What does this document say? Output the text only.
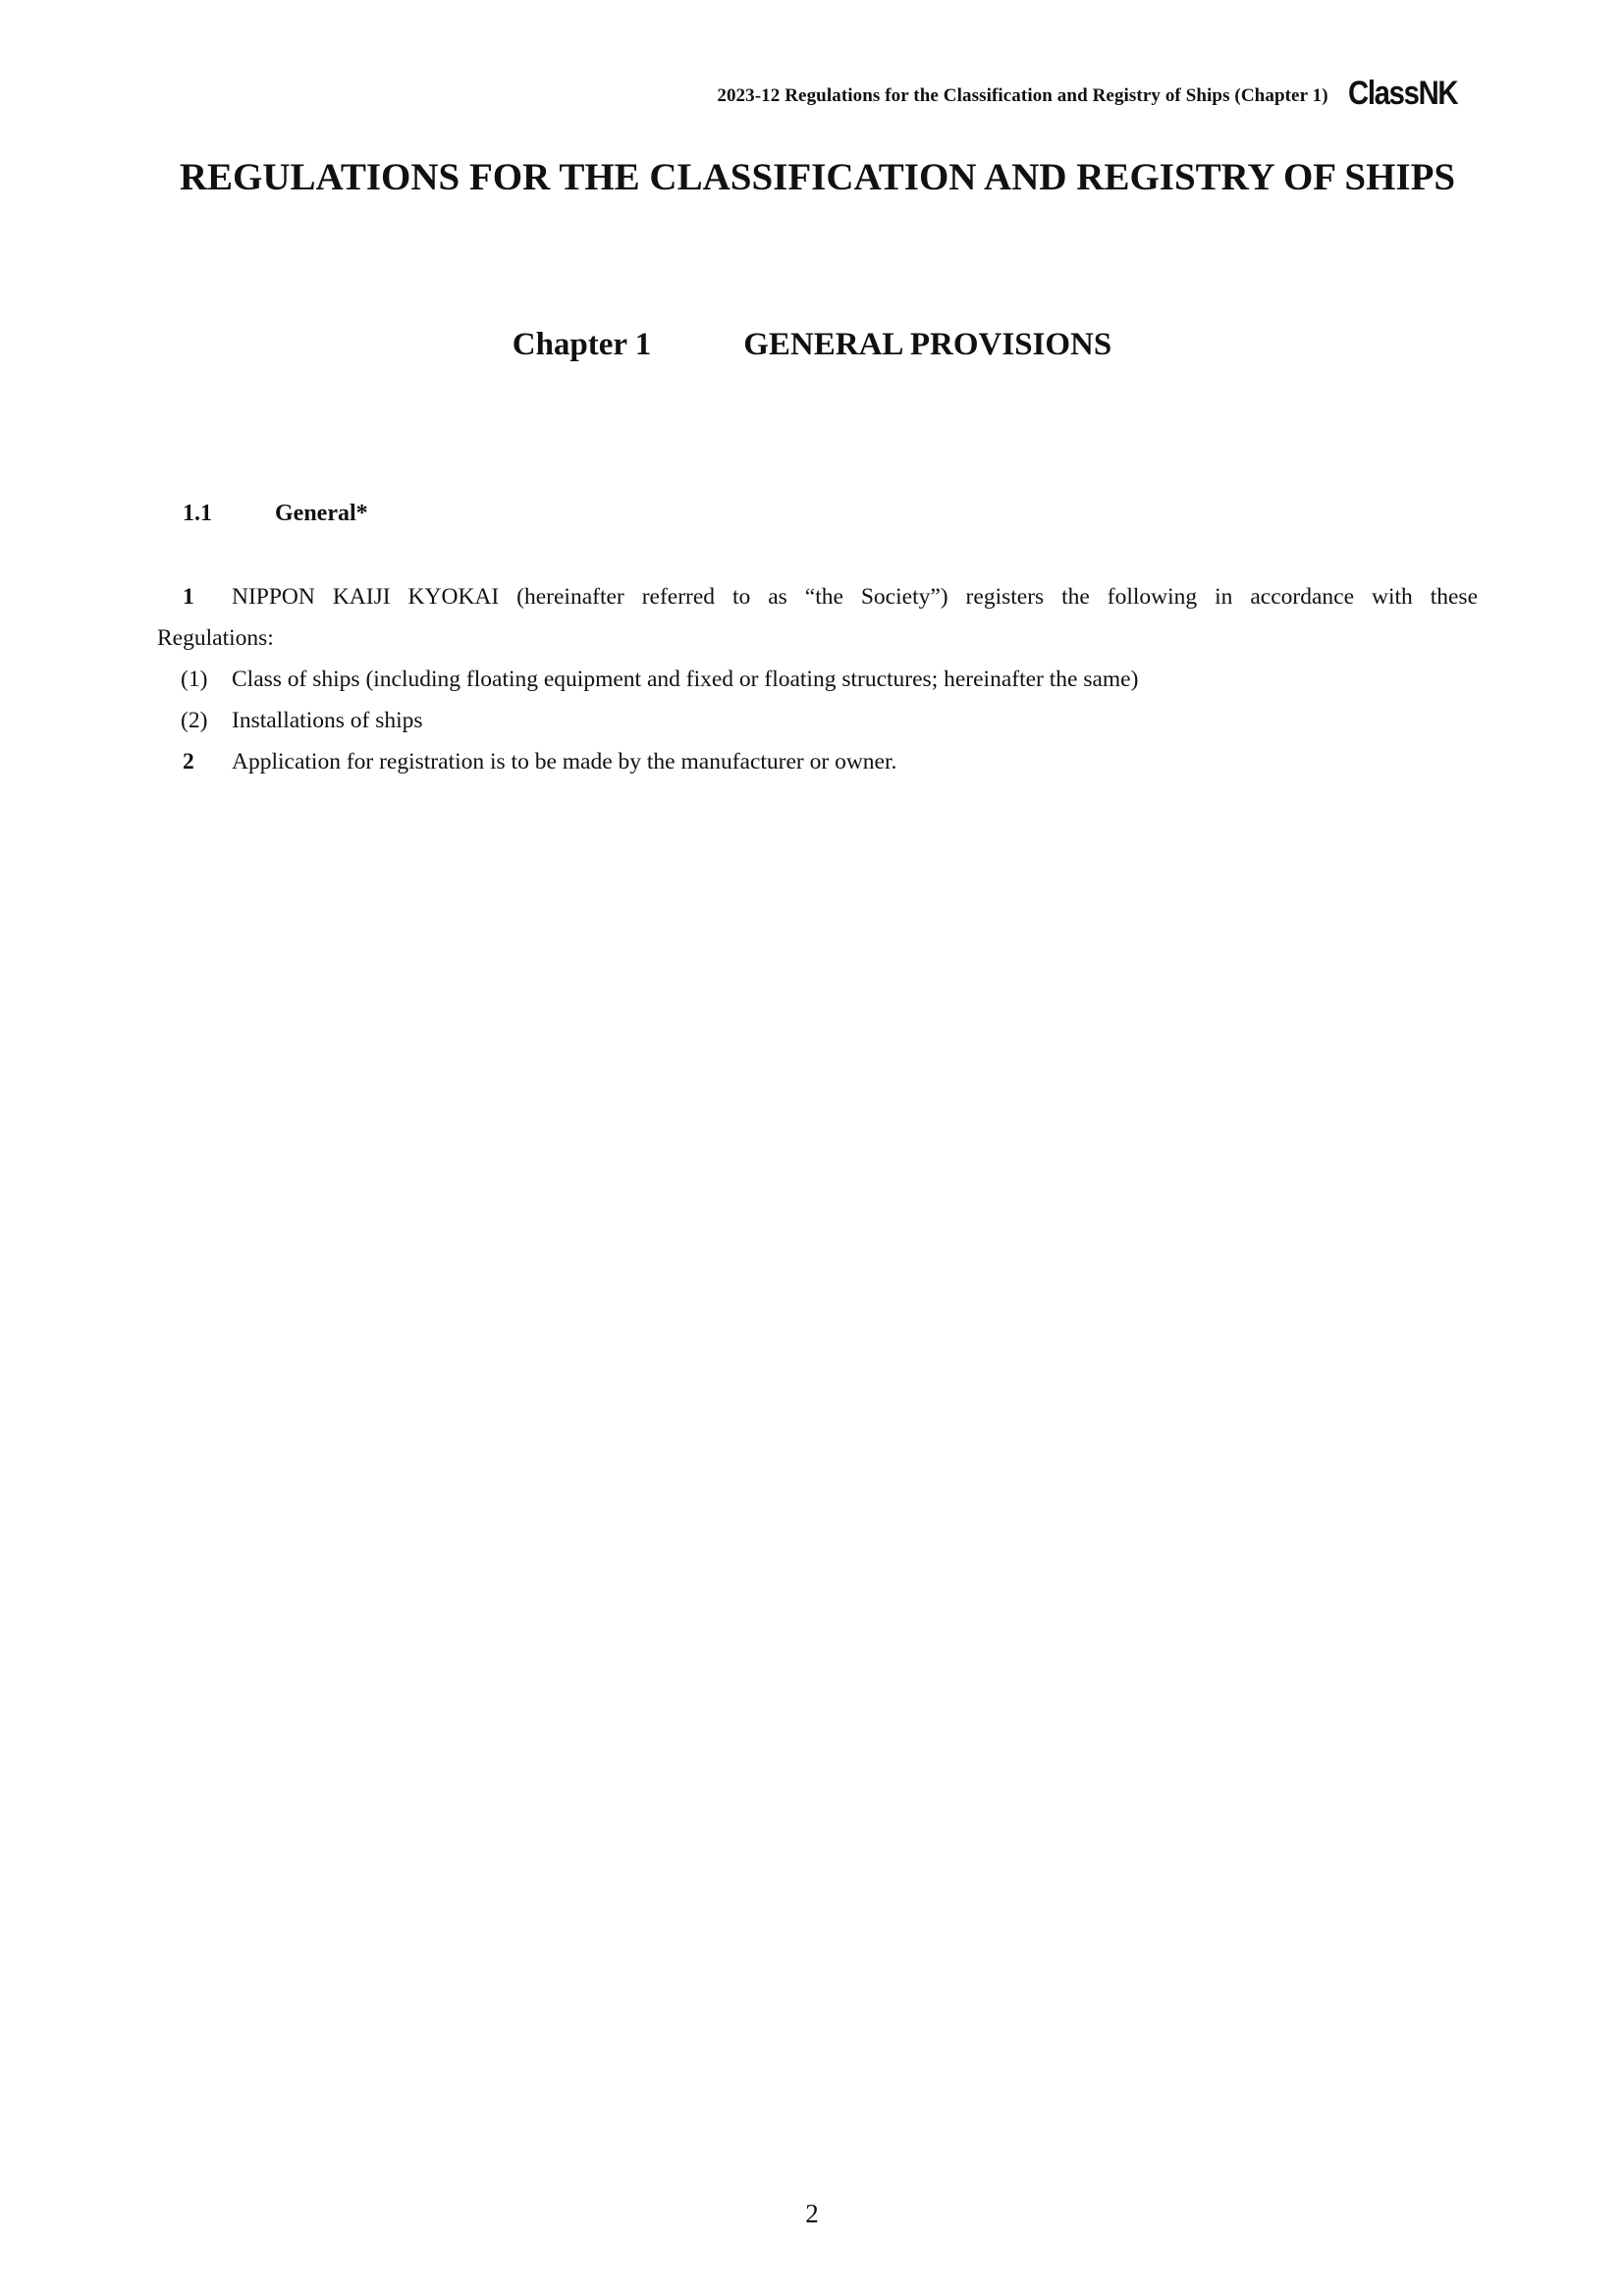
2023-12 Regulations for the Classification and Registry of Ships (Chapter 1) ClassNK
REGULATIONS FOR THE CLASSIFICATION AND REGISTRY OF SHIPS
Chapter 1	GENERAL PROVISIONS
1.1	General*
1 NIPPON KAIJI KYOKAI (hereinafter referred to as “the Society”) registers the following in accordance with these Regulations:
(1)	Class of ships (including floating equipment and fixed or floating structures; hereinafter the same)
(2)	Installations of ships
2	Application for registration is to be made by the manufacturer or owner.
2
